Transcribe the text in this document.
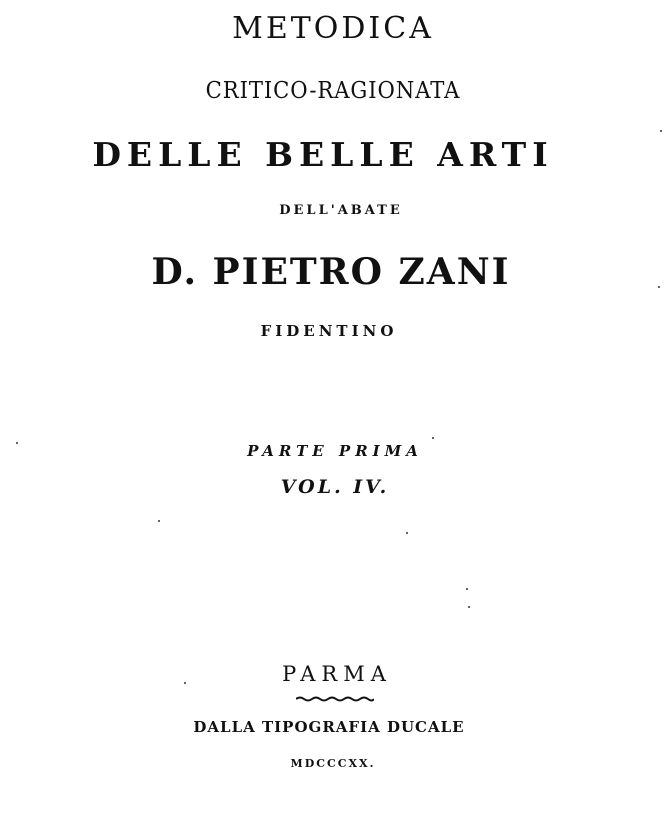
METODICA
CRITICO-RAGIONATA
DELLE BELLE ARTI
DELL'ABATE
D. PIETRO ZANI
FIDENTINO
PARTE PRIMA
VOL. IV.
PARMA
DALLA TIPOGRAFIA DUCALE
MDCCCXX.
